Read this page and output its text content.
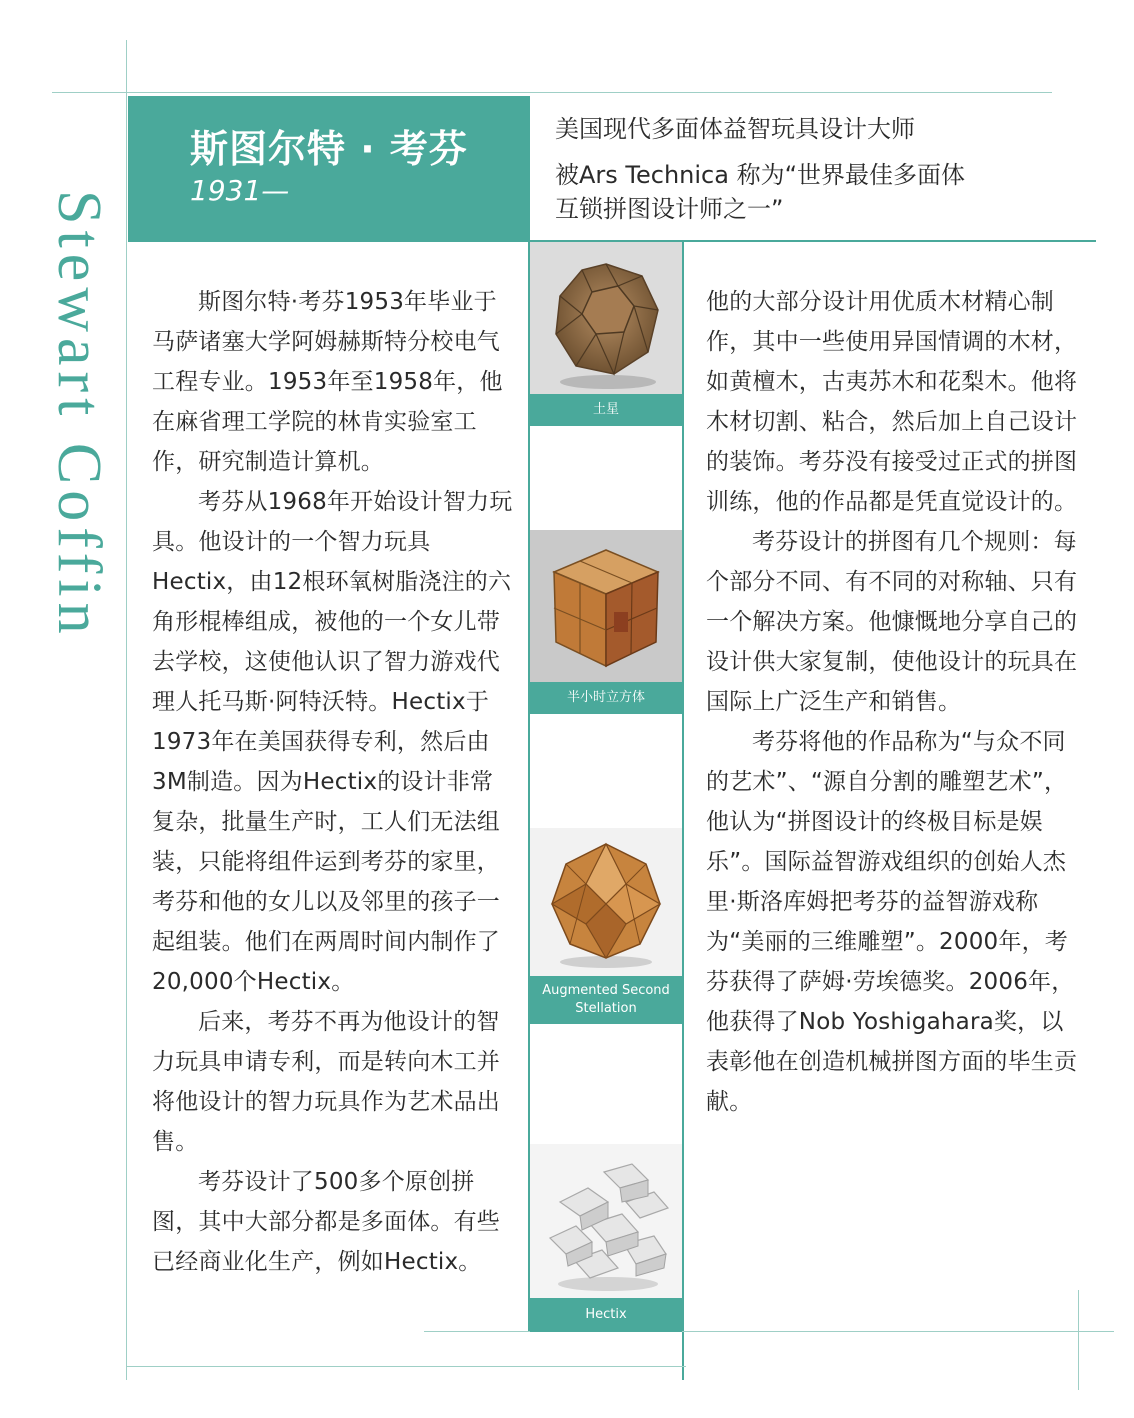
Stewart Coffin
斯图尔特 · 考芬
1931—

美国现代多面体益智玩具设计大师

被Ars Technica 称为“世界最佳多面体

互锁拼图设计师之一”

斯图尔特·考芬1953年毕业于马萨诸塞大学阿姆赫斯特分校电气工程专业。1953年至1958年，他在麻省理工学院的林肯实验室工作，研究制造计算机。

考芬从1968年开始设计智力玩具。他设计的一个智力玩具Hectix，由12根环氧树脂浇注的六角形棍棒组成，被他的一个女儿带去学校，这使他认识了智力游戏代理人托马斯·阿特沃特。Hectix于1973年在美国获得专利，然后由3M制造。因为Hectix的设计非常复杂，批量生产时，工人们无法组装，只能将组件运到考芬的家里，考芬和他的女儿以及邻里的孩子一起组装。他们在两周时间内制作了20,000个Hectix。

后来，考芬不再为他设计的智力玩具申请专利，而是转向木工并将他设计的智力玩具作为艺术品出售。

考芬设计了500多个原创拼图，其中大部分都是多面体。有些已经商业化生产，例如Hectix。

土星
半小时立方体
Augmented Second Stellation
Hectix

他的大部分设计用优质木材精心制作，其中一些使用异国情调的木材，如黄檀木，古夷苏木和花梨木。他将木材切割、粘合，然后加上自己设计的装饰。考芬没有接受过正式的拼图训练，他的作品都是凭直觉设计的。

考芬设计的拼图有几个规则：每个部分不同、有不同的对称轴、只有一个解决方案。他慷慨地分享自己的设计供大家复制，使他设计的玩具在国际上广泛生产和销售。

考芬将他的作品称为“与众不同的艺术”、“源自分割的雕塑艺术”，他认为“拼图设计的终极目标是娱乐”。国际益智游戏组织的创始人杰里·斯洛库姆把考芬的益智游戏称为“美丽的三维雕塑”。2000年，考芬获得了萨姆·劳埃德奖。2006年，他获得了Nob Yoshigahara奖，以表彰他在创造机械拼图方面的毕生贡献。
